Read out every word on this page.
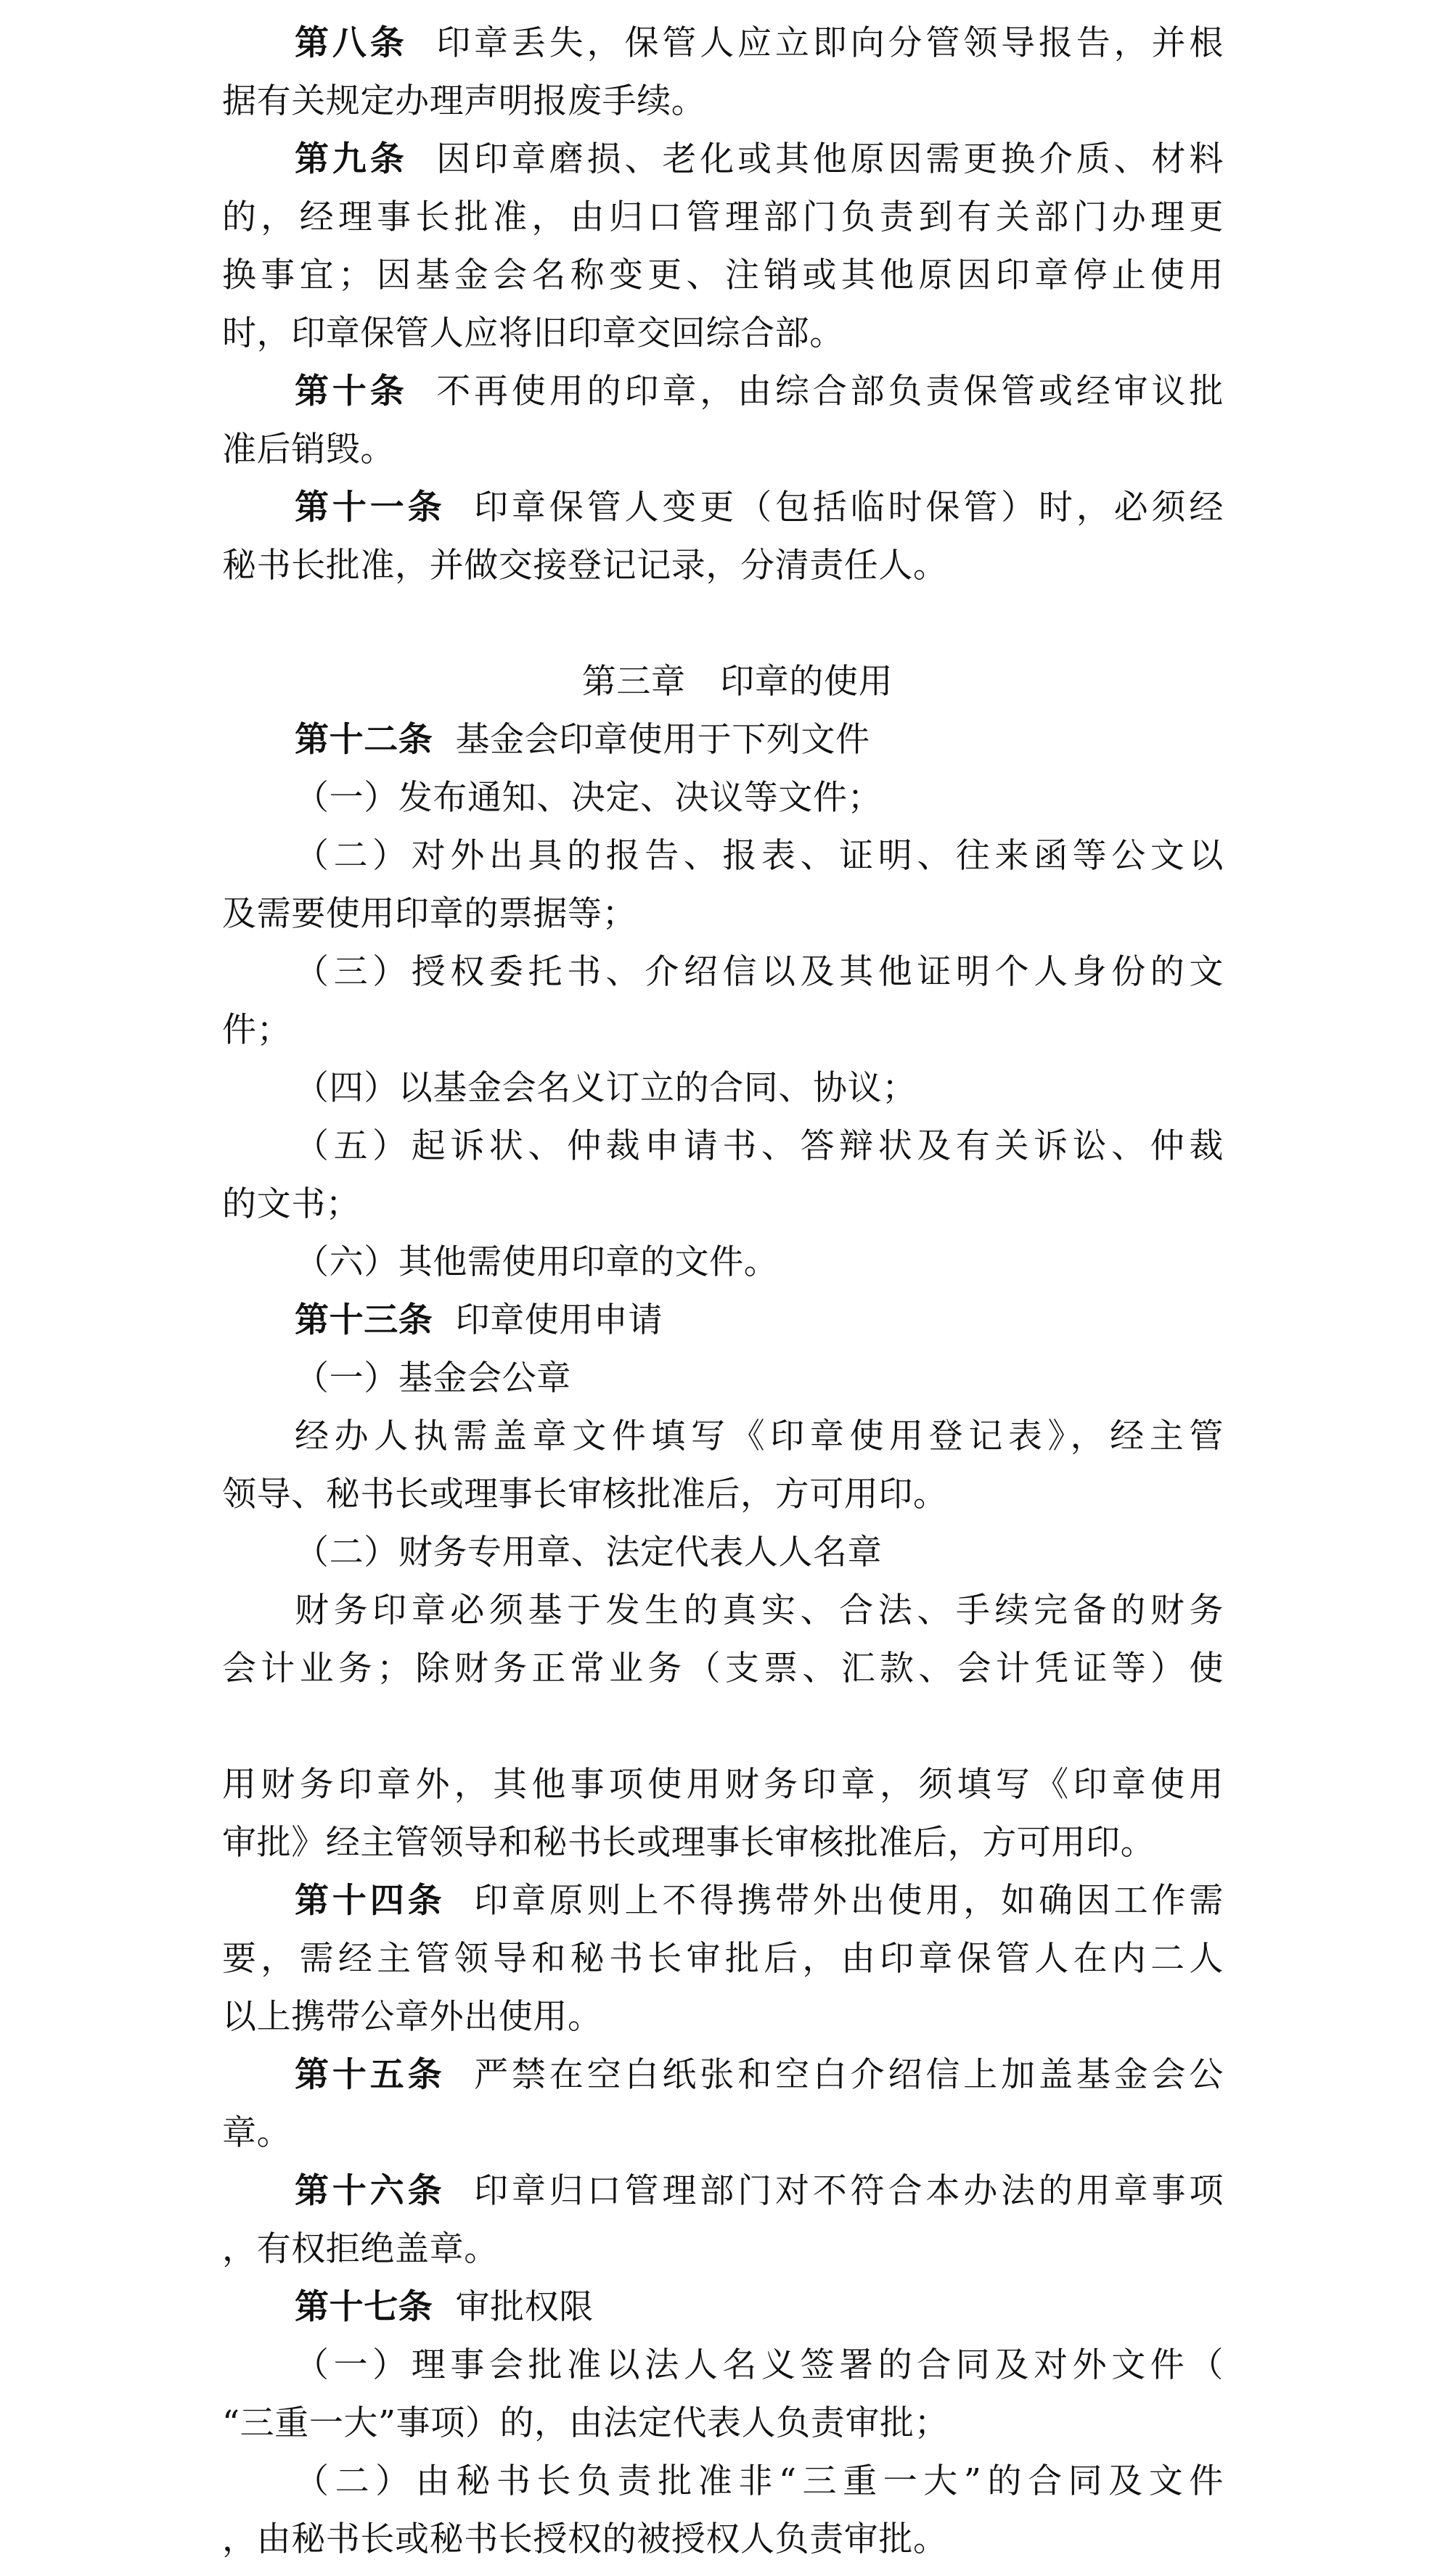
第八条 印章丢失，保管人应立即向分管领导报告，并根
据有关规定办理声明报废手续。
第九条 因印章磨损、老化或其他原因需更换介质、材料
的，经理事长批准，由归口管理部门负责到有关部门办理更
换事宜；因基金会名称变更、注销或其他原因印章停止使用
时，印章保管人应将旧印章交回综合部。
第十条 不再使用的印章，由综合部负责保管或经审议批
准后销毁。
第十一条 印章保管人变更（包括临时保管）时，必须经
秘书长批准，并做交接登记记录，分清责任人。
第三章　印章的使用
第十二条 基金会印章使用于下列文件
（一）发布通知、决定、决议等文件；
（二）对外出具的报告、报表、证明、往来函等公文以
及需要使用印章的票据等；
（三）授权委托书、介绍信以及其他证明个人身份的文
件；
（四）以基金会名义订立的合同、协议；
（五）起诉状、仲裁申请书、答辩状及有关诉讼、仲裁
的文书；
（六）其他需使用印章的文件。
第十三条 印章使用申请
（一）基金会公章
经办人执需盖章文件填写《印章使用登记表》，经主管
领导、秘书长或理事长审核批准后，方可用印。
（二）财务专用章、法定代表人人名章
财务印章必须基于发生的真实、合法、手续完备的财务
会计业务；除财务正常业务（支票、汇款、会计凭证等）使
用财务印章外，其他事项使用财务印章，须填写《印章使用
审批》经主管领导和秘书长或理事长审核批准后，方可用印。
第十四条 印章原则上不得携带外出使用，如确因工作需
要，需经主管领导和秘书长审批后，由印章保管人在内二人
以上携带公章外出使用。
第十五条 严禁在空白纸张和空白介绍信上加盖基金会公
章。
第十六条 印章归口管理部门对不符合本办法的用章事项
，有权拒绝盖章。
第十七条 审批权限
（一）理事会批准以法人名义签署的合同及对外文件（
“三重一大”事项）的，由法定代表人负责审批；
（二）由秘书长负责批准非“三重一大”的合同及文件
，由秘书长或秘书长授权的被授权人负责审批。
